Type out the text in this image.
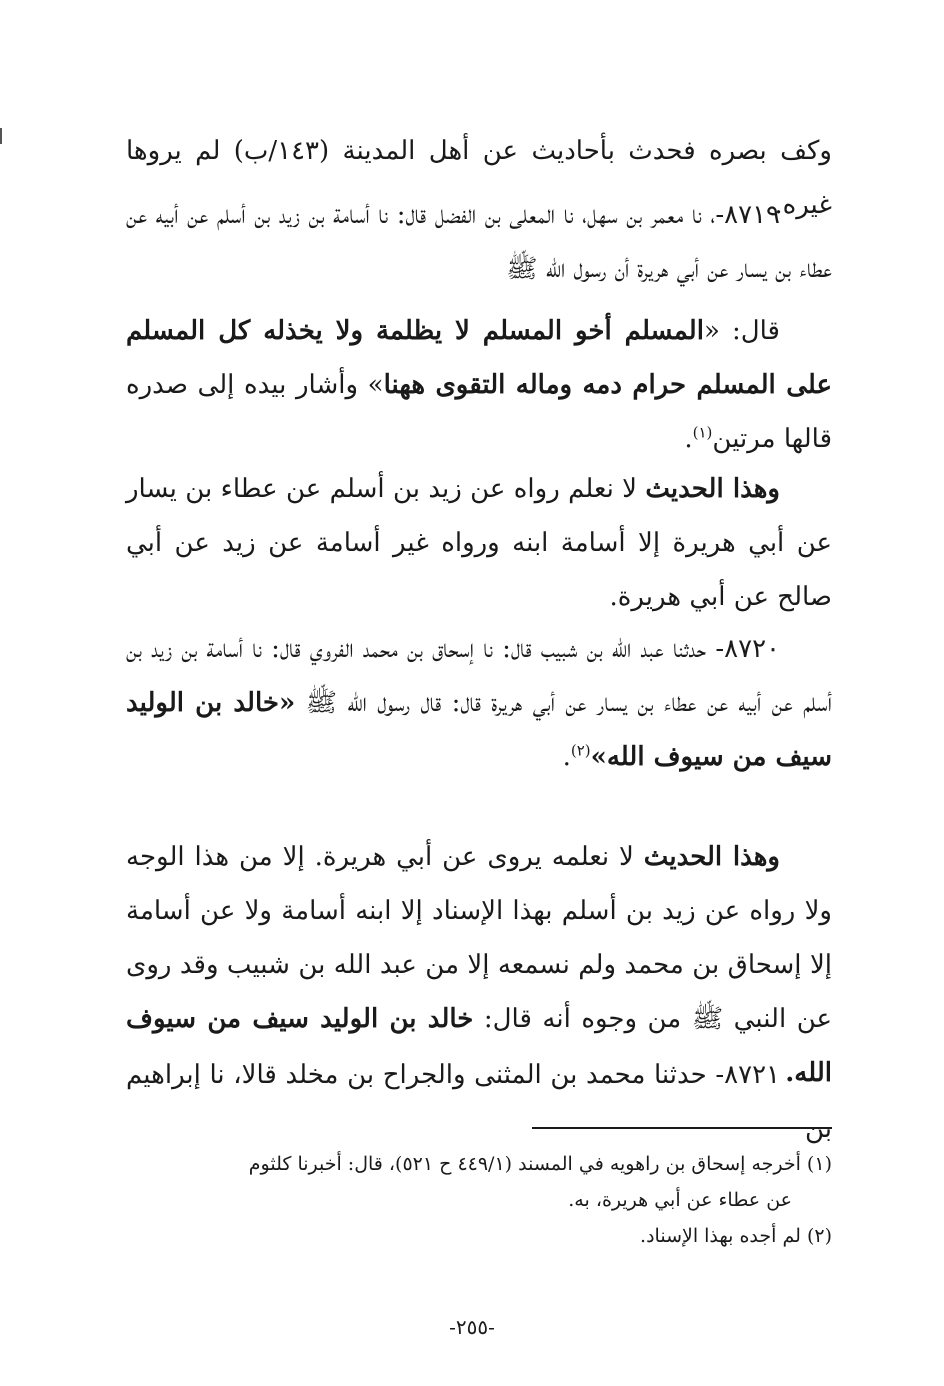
وكف بصره فحدث بأحاديث عن أهل المدينة (١٤٣/ب) لم يروها غيره.

٨٧١٩-، نا معمر بن سهل، نا المعلى بن الفضل قال: نا أسامة بن زيد بن أسلم عن أبيه عن عطاء بن يسار عن أبي هريرة أن رسول الله ﷺ

قال: «المسلم أخو المسلم لا يظلمة ولا يخذله كل المسلم على المسلم حرام دمه وماله التقوى ههنا» وأشار بيده إلى صدره قالها مرتين$^{(١)}$.

وهذا الحديث لا نعلم رواه عن زيد بن أسلم عن عطاء بن يسار عن أبي هريرة إلا أسامة ابنه ورواه غير أسامة عن زيد عن أبي صالح عن أبي هريرة.

٨٧٢٠- حدثنا عبد الله بن شبيب قال: نا إسحاق بن محمد الفروي قال: نا أسامة بن زيد بن أسلم عن أبيه عن عطاء بن يسار عن أبي هريرة قال: قال رسول الله ﷺ «خالد بن الوليد سيف من سيوف الله»$^{(٢)}$.

وهذا الحديث لا نعلمه يروى عن أبي هريرة. إلا من هذا الوجه ولا رواه عن زيد بن أسلم بهذا الإسناد إلا ابنه أسامة ولا عن أسامة إلا إسحاق بن محمد ولم نسمعه إلا من عبد الله بن شبيب وقد روى عن النبي ﷺ من وجوه أنه قال: خالد بن الوليد سيف من سيوف الله.

٨٧٢١- حدثنا محمد بن المثنى والجراح بن مخلد قالا، نا إبراهيم بن

(١) أخرجه إسحاق بن راهويه في المسند (٤٤٩/١ ح ٥٢١)، قال: أخبرنا كلثوم

عن عطاء عن أبي هريرة، به.

(٢) لم أجده بهذا الإسناد.

-٢٥٥-
